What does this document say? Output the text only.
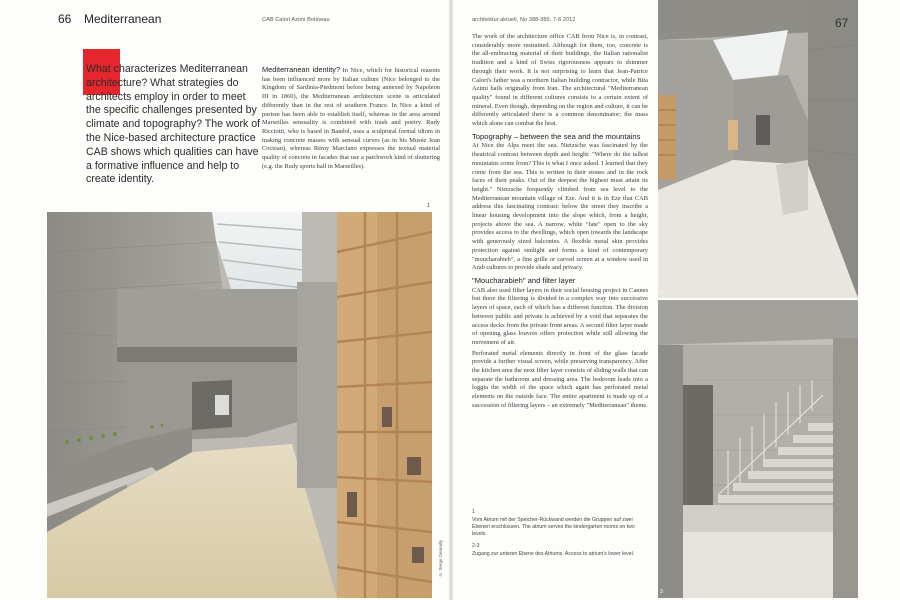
66 Mediterranean	CAB Calori Azimi Botineau
What characterizes Mediterranean architecture? What strategies do architects employ in order to meet the specific challenges presented by climate and topography? The work of the Nice-based architecture practice CAB shows which qualities can have a formative influence and help to create identity.

Mediterranean identity? In Nice, which for historical reasons has been influenced more by Italian culture (Nice belonged to the Kingdom of Sardinia-Piedmont before being annexed by Napoleon III in 1860), the Mediterranean architecture scene is articulated differently than in the rest of southern France. In Nice a kind of purism has been able to establish itself, whereas in the area around Marseilles sensuality is combined with trash and poetry. Rudy Ricciotti, who is based in Bandol, uses a sculptural formal idiom in making concrete masses with sensual curves (as in his Musée Jean Cocteau), whereas Rémy Marciano expresses the textual material quality of concrete in facades that use a patchwork kind of shuttering (e.g. the Rudy sports hall in Marseilles).

1
© Serge Demailly
architektur.aktuell, No 388-389, 7-8.2012

The work of the architecture office CAB from Nice is, in contrast, considerably more restrained. Although for them, too, concrete is the all-embracing material of their buildings, the Italian rationalist tradition and a kind of Swiss rigorousness appears to shimmer through their work. It is not surprising to learn that Jean-Patrice Calori's father was a northern Italian building contractor, while Bita Azimi hails originally from Iran. The architectural "Mediterranean quality" found in different cultures consists to a certain extent of mineral. Even though, depending on the region and culture, it can be differently articulated there is a common denominator; the mass which alone can combat the heat.

Topography – between the sea and the mountains

At Nice the Alps meet the sea. Nietzsche was fascinated by the theatrical contrast between depth and height: "Where do the tallest mountains come from? This is what I once asked. I learned that they come from the sea. This is written in their stones and in the rock faces of their peaks. Out of the deepest the highest must attain its height." Nietzsche frequently climbed from sea level to the Mediterranean mountain village of Eze. And it is in Eze that CAB address this fascinating contrast: below the street they inscribe a linear housing development into the slope which, from a height, projects above the sea. A narrow, white "fate" open to the sky provides access to the dwellings, which open towards the landscape with generously sized balconies. A flexible metal skin provides protection against sunlight and forms a kind of contemporary "moucharabieh", a fine grille or carved screen at a window used in Arab cultures to provide shade and privacy.

"Moucharabieh" and filter layer

CAB also used filter layers in their social housing project in Cannes but there the filtering is divided in a complex way into successive layers of space, each of which has a different function. The division between public and private is achieved by a void that separates the access decks from the private front areas. A second filter layer made of opening glass louvres offers protection while still allowing the movement of air.

Perforated metal elements directly in front of the glass facade provide a further visual screen, while preserving transparency. After the kitchen area the next filter layer consists of sliding walls that can separate the bathroom and dressing area. The bedroom leads into a loggia the width of the space which again has perforated metal elements on the outside face. The entire apartment is made up of a succession of filtering layers – an extremely "Mediterranean" theme.

1
Vom Atrium mit der Speicher-Rückwand werden die Gruppen auf zwei Ebenen erschlossen. The atrium serves the kindergarten rooms on two levels.
2-3
Zugang zur unteren Ebene des Atriums. Access to atrium's lower level.
2
3
67
